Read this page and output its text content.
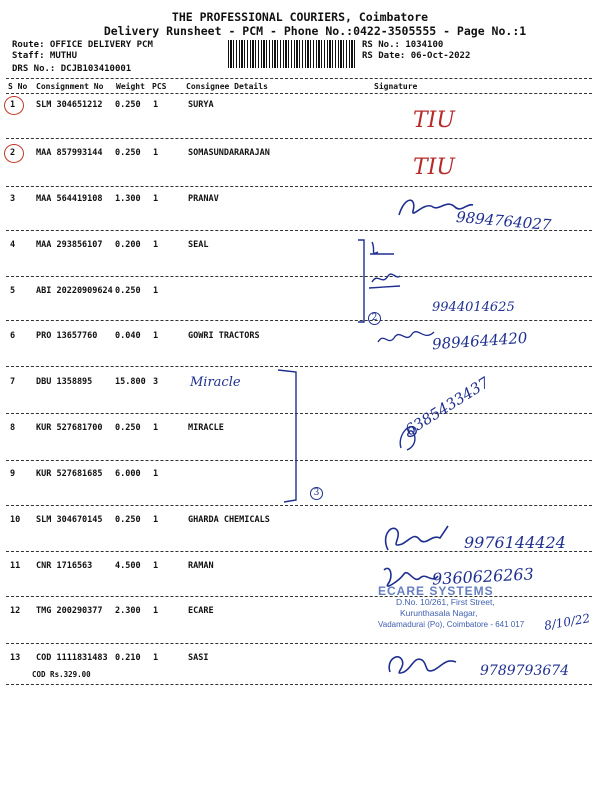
THE PROFESSIONAL COURIERS, Coimbatore
Delivery Runsheet - PCM - Phone No.:0422-3505555 - Page No.:1
Route: OFFICE DELIVERY PCM
Staff: MUTHU
DRS No.: DCJB103410001
RS No.: 1034100
RS Date: 06-Oct-2022
S No Consignment No Weight PCS Consignee Details	Signature
1 SLM 304651212 0.250 1	SURYA
2 MAA 857993144 0.250 1	SOMASUNDARARAJAN
3 MAA 564419108 1.300 1	PRANAV
4 MAA 293856107 0.200 1	SEAL
5 ABI 20220909624 0.250 1
6 PRO 13657760 0.040 1	GOWRI TRACTORS
7 DBU 1358895	15.800 3
8 KUR 527681700 0.250 1	MIRACLE
9 KUR 527681685 6.000 1
10 SLM 304670145 0.250 1	GHARDA CHEMICALS
11 CNR 1716563	4.500 1	RAMAN
12 TMG 200290377 2.300 1	ECARE
13 COD 1111831483 0.210 1	SASI
COD Rs.329.00
TIU
TIU
9894764027
2
9944014625
9894644420
Miracle
3
6385433437
9976144424
9360626263
ECARE SYSTEMS
D.No. 10/261, First Street,
Kurunthasala Nagar,
Vadamadurai (Po), Coimbatore - 641 017	8/10/22
9789793674
